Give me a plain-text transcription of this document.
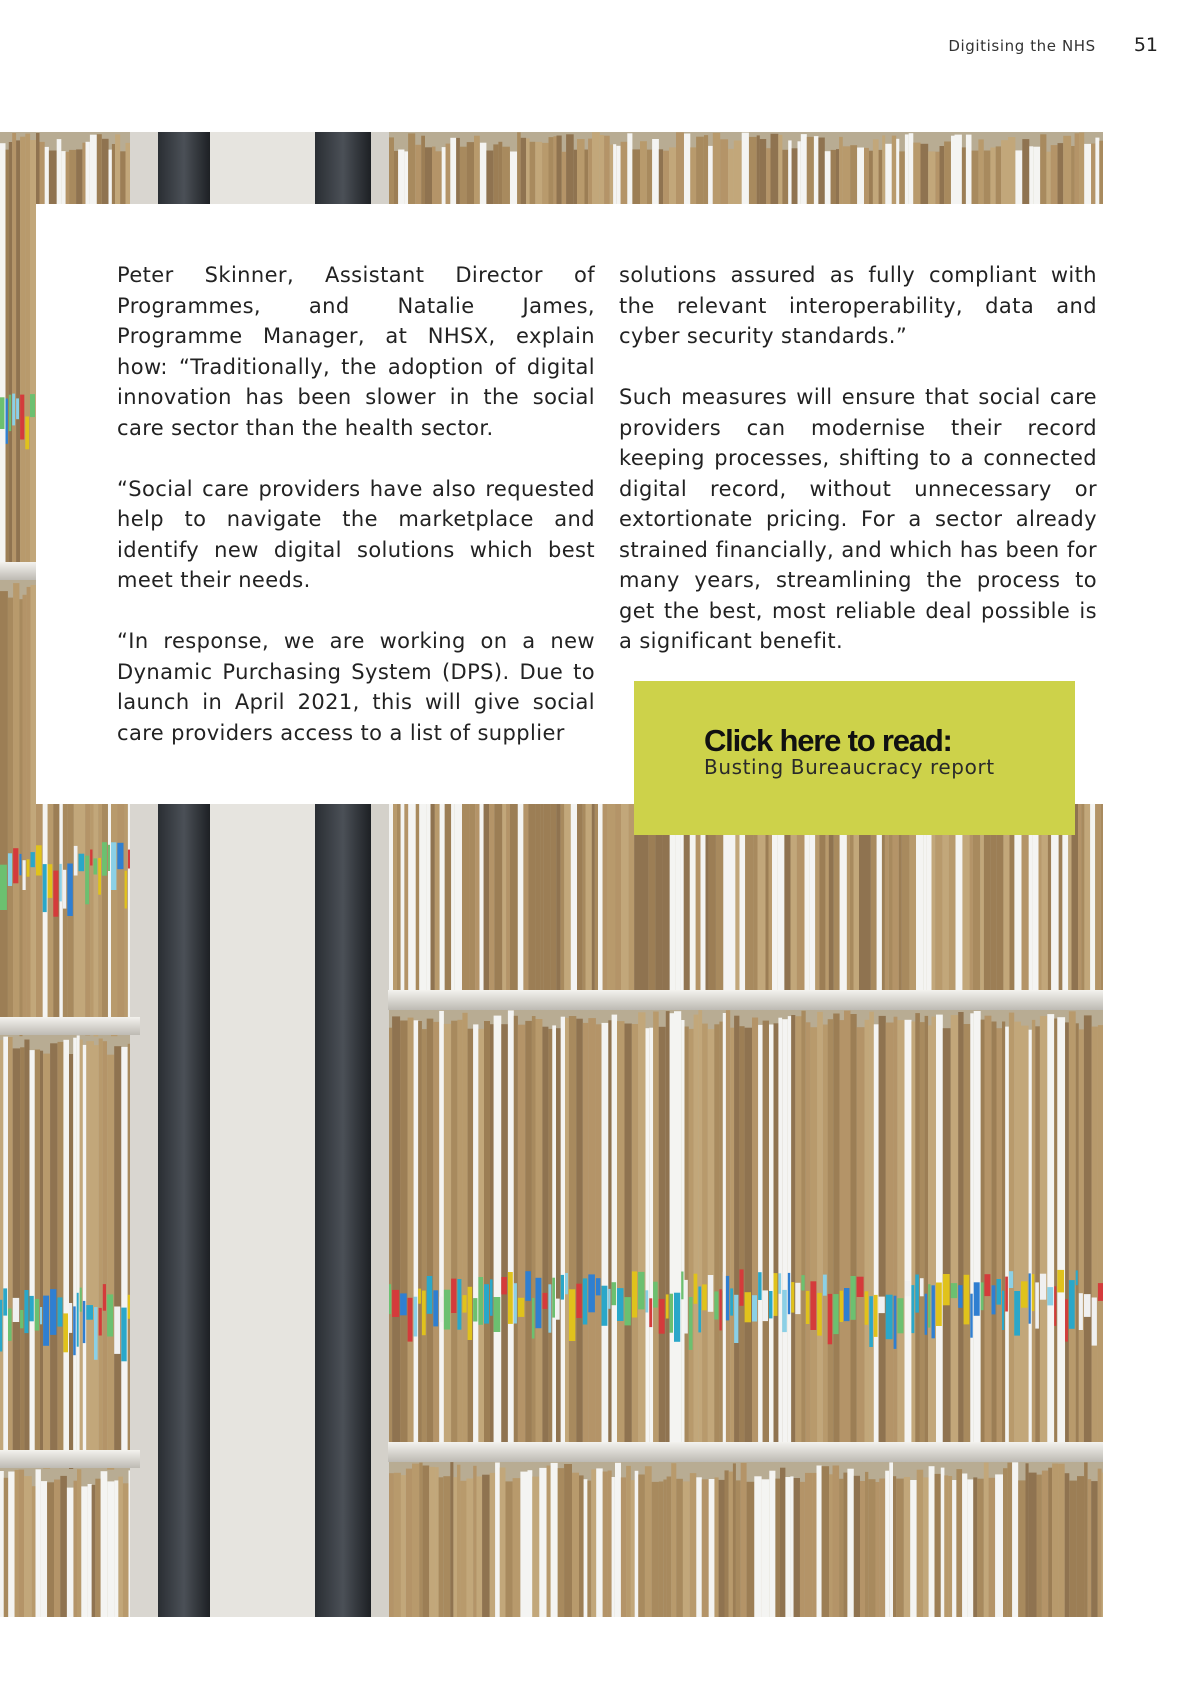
Digitising the NHS 51

Peter Skinner, Assistant Director of Programmes, and Natalie James, Programme Manager, at NHSX, explain how: “Traditionally, the adoption of digital innovation has been slower in the social care sector than the health sector.

“Social care providers have also requested help to navigate the marketplace and identify new digital solutions which best meet their needs.

“In response, we are working on a new Dynamic Purchasing System (DPS). Due to launch in April 2021, this will give social care providers access to a list of supplier

solutions assured as fully compliant with the relevant interoperability, data and cyber security standards.”

Such measures will ensure that social care providers can modernise their record keeping processes, shifting to a connected digital record, without unnecessary or extortionate pricing. For a sector already strained financially, and which has been for many years, streamlining the process to get the best, most reliable deal possible is a significant benefit.

Click here to read:
Busting Bureaucracy report
